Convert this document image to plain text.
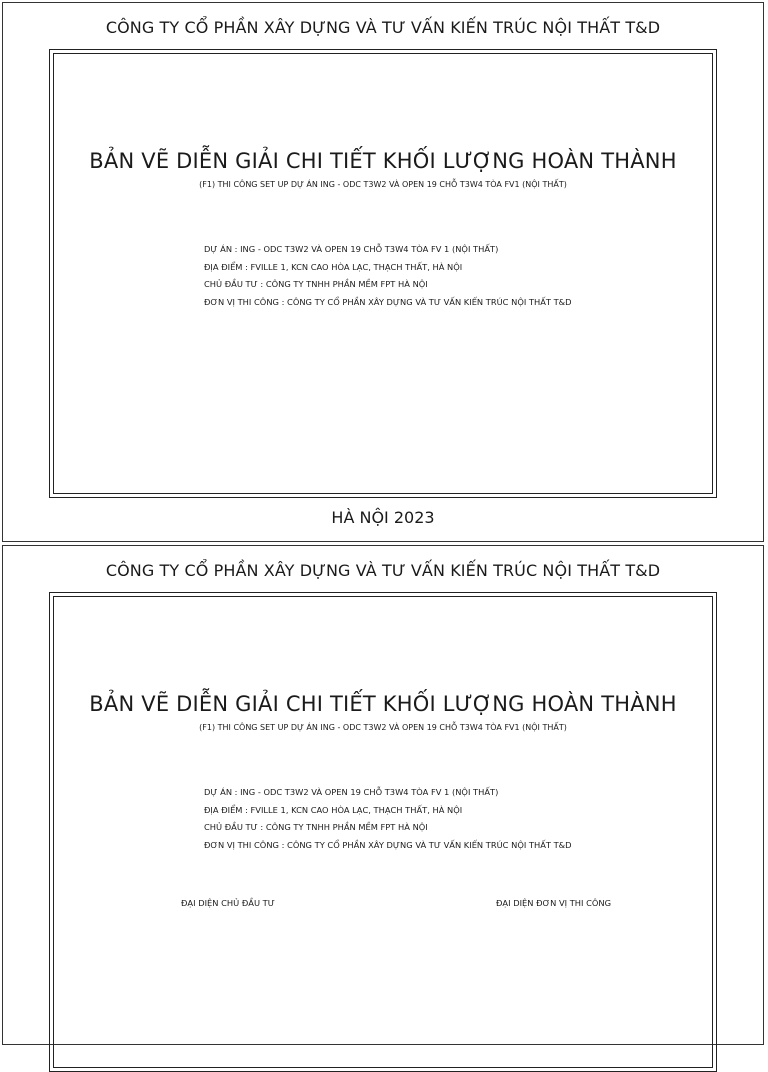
CÔNG TY CỔ PHẦN XÂY DỰNG VÀ TƯ VẤN KIẾN TRÚC NỘI THẤT T&D
BẢN VẼ DIỄN GIẢI CHI TIẾT KHỐI LƯỢNG HOÀN THÀNH
(F1) THI CÔNG SET UP DỰ ÁN ING - ODC T3W2 VÀ OPEN 19 CHỖ T3W4 TÒA FV1 (NỘI THẤT)
DỰ ÁN : ING - ODC T3W2 VÀ OPEN 19 CHỖ T3W4 TÒA FV 1 (NỘI THẤT)
ĐỊA ĐIỂM : FVILLE 1, KCN CAO HÒA LẠC, THẠCH THẤT, HÀ NỘI
CHỦ ĐẦU TƯ : CÔNG TY TNHH PHẦN MỀM FPT HÀ NỘI
ĐƠN VỊ THI CÔNG : CÔNG TY CỔ PHẦN XÂY DỰNG VÀ TƯ VẤN KIẾN TRÚC NỘI THẤT T&D
HÀ NỘI 2023
CÔNG TY CỔ PHẦN XÂY DỰNG VÀ TƯ VẤN KIẾN TRÚC NỘI THẤT T&D
BẢN VẼ DIỄN GIẢI CHI TIẾT KHỐI LƯỢNG HOÀN THÀNH
(F1) THI CÔNG SET UP DỰ ÁN ING - ODC T3W2 VÀ OPEN 19 CHỖ T3W4 TÒA FV1 (NỘI THẤT)
DỰ ÁN : ING - ODC T3W2 VÀ OPEN 19 CHỖ T3W4 TÒA FV 1 (NỘI THẤT)
ĐỊA ĐIỂM : FVILLE 1, KCN CAO HÒA LẠC, THẠCH THẤT, HÀ NỘI
CHỦ ĐẦU TƯ : CÔNG TY TNHH PHẦN MỀM FPT HÀ NỘI
ĐƠN VỊ THI CÔNG : CÔNG TY CỔ PHẦN XÂY DỰNG VÀ TƯ VẤN KIẾN TRÚC NỘI THẤT T&D
ĐẠI DIỆN CHỦ ĐẦU TƯ	ĐẠI DIỆN ĐƠN VỊ THI CÔNG
